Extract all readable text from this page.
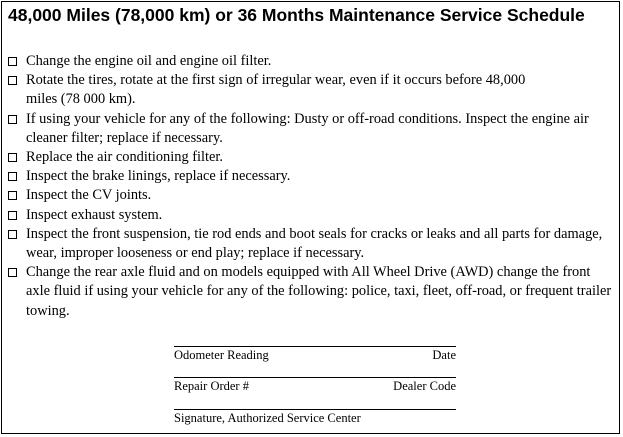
48,000 Miles (78,000 km) or 36 Months Maintenance Service Schedule
Change the engine oil and engine oil filter.
Rotate the tires, rotate at the first sign of irregular wear, even if it occurs before 48,000 miles (78 000 km).
If using your vehicle for any of the following: Dusty or off-road conditions. Inspect the engine air cleaner filter; replace if necessary.
Replace the air conditioning filter.
Inspect the brake linings, replace if necessary.
Inspect the CV joints.
Inspect exhaust system.
Inspect the front suspension, tie rod ends and boot seals for cracks or leaks and all parts for damage, wear, improper looseness or end play; replace if necessary.
Change the rear axle fluid and on models equipped with All Wheel Drive (AWD) change the front axle fluid if using your vehicle for any of the following: police, taxi, fleet, off-road, or frequent trailer towing.
Odometer Reading	Date
Repair Order #	Dealer Code
Signature, Authorized Service Center
